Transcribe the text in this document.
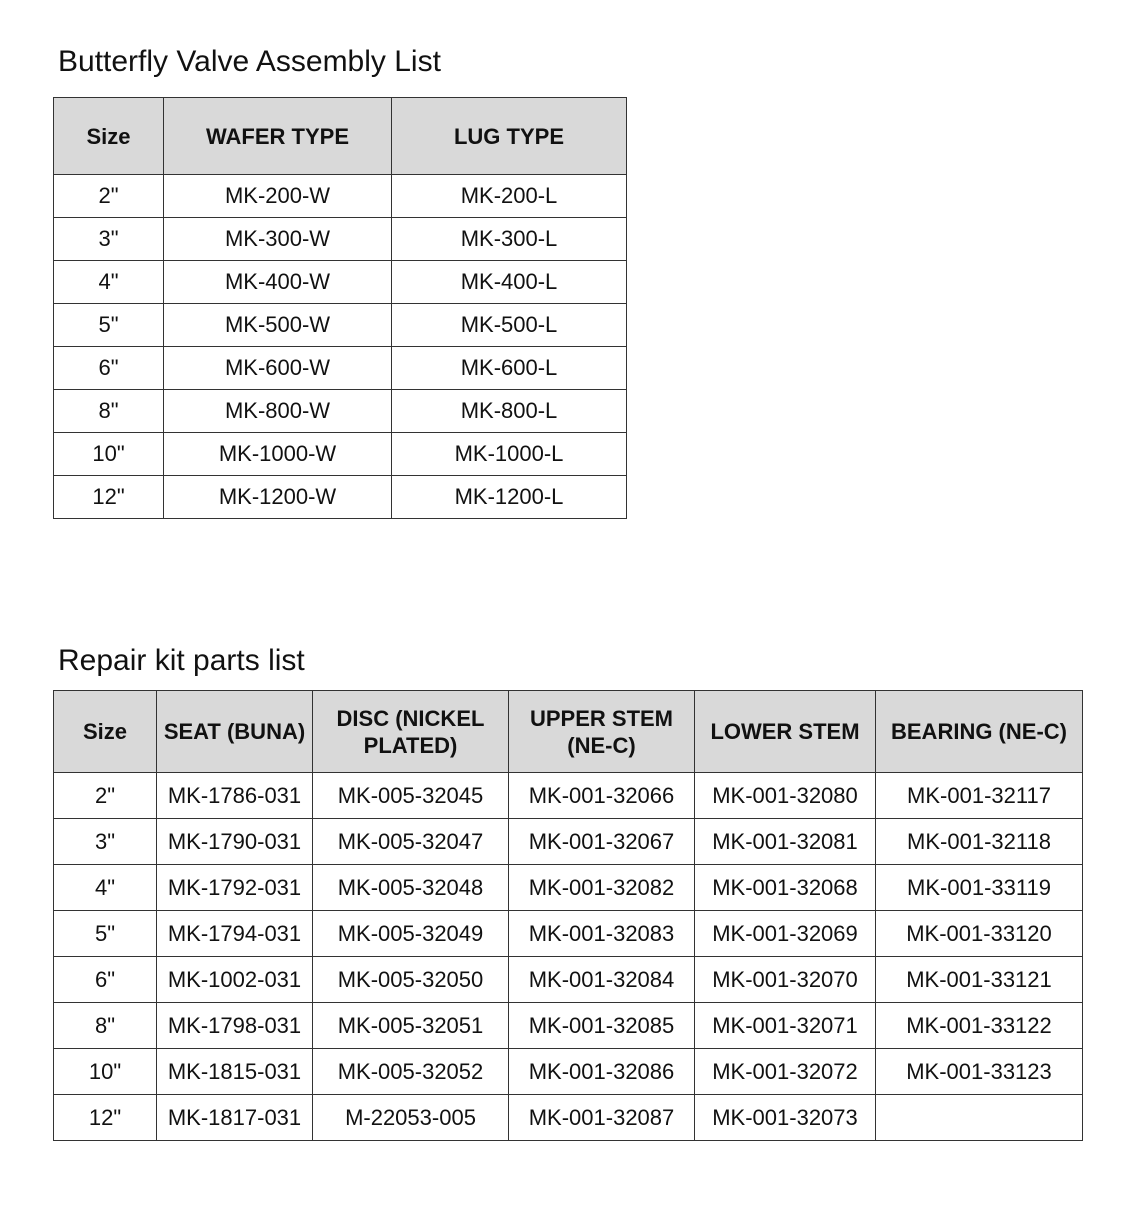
Butterfly Valve Assembly List
Size	WAFER TYPE	LUG TYPE
2"	MK-200-W	MK-200-L
3"	MK-300-W	MK-300-L
4"	MK-400-W	MK-400-L
5"	MK-500-W	MK-500-L
6"	MK-600-W	MK-600-L
8"	MK-800-W	MK-800-L
10"	MK-1000-W	MK-1000-L
12"	MK-1200-W	MK-1200-L
Repair kit parts list
Size	SEAT (BUNA)	DISC (NICKEL PLATED)	UPPER STEM (NE-C)	LOWER STEM	BEARING (NE-C)
2"	MK-1786-031	MK-005-32045	MK-001-32066	MK-001-32080	MK-001-32117
3"	MK-1790-031	MK-005-32047	MK-001-32067	MK-001-32081	MK-001-32118
4"	MK-1792-031	MK-005-32048	MK-001-32082	MK-001-32068	MK-001-33119
5"	MK-1794-031	MK-005-32049	MK-001-32083	MK-001-32069	MK-001-33120
6"	MK-1002-031	MK-005-32050	MK-001-32084	MK-001-32070	MK-001-33121
8"	MK-1798-031	MK-005-32051	MK-001-32085	MK-001-32071	MK-001-33122
10"	MK-1815-031	MK-005-32052	MK-001-32086	MK-001-32072	MK-001-33123
12"	MK-1817-031	M-22053-005	MK-001-32087	MK-001-32073	
